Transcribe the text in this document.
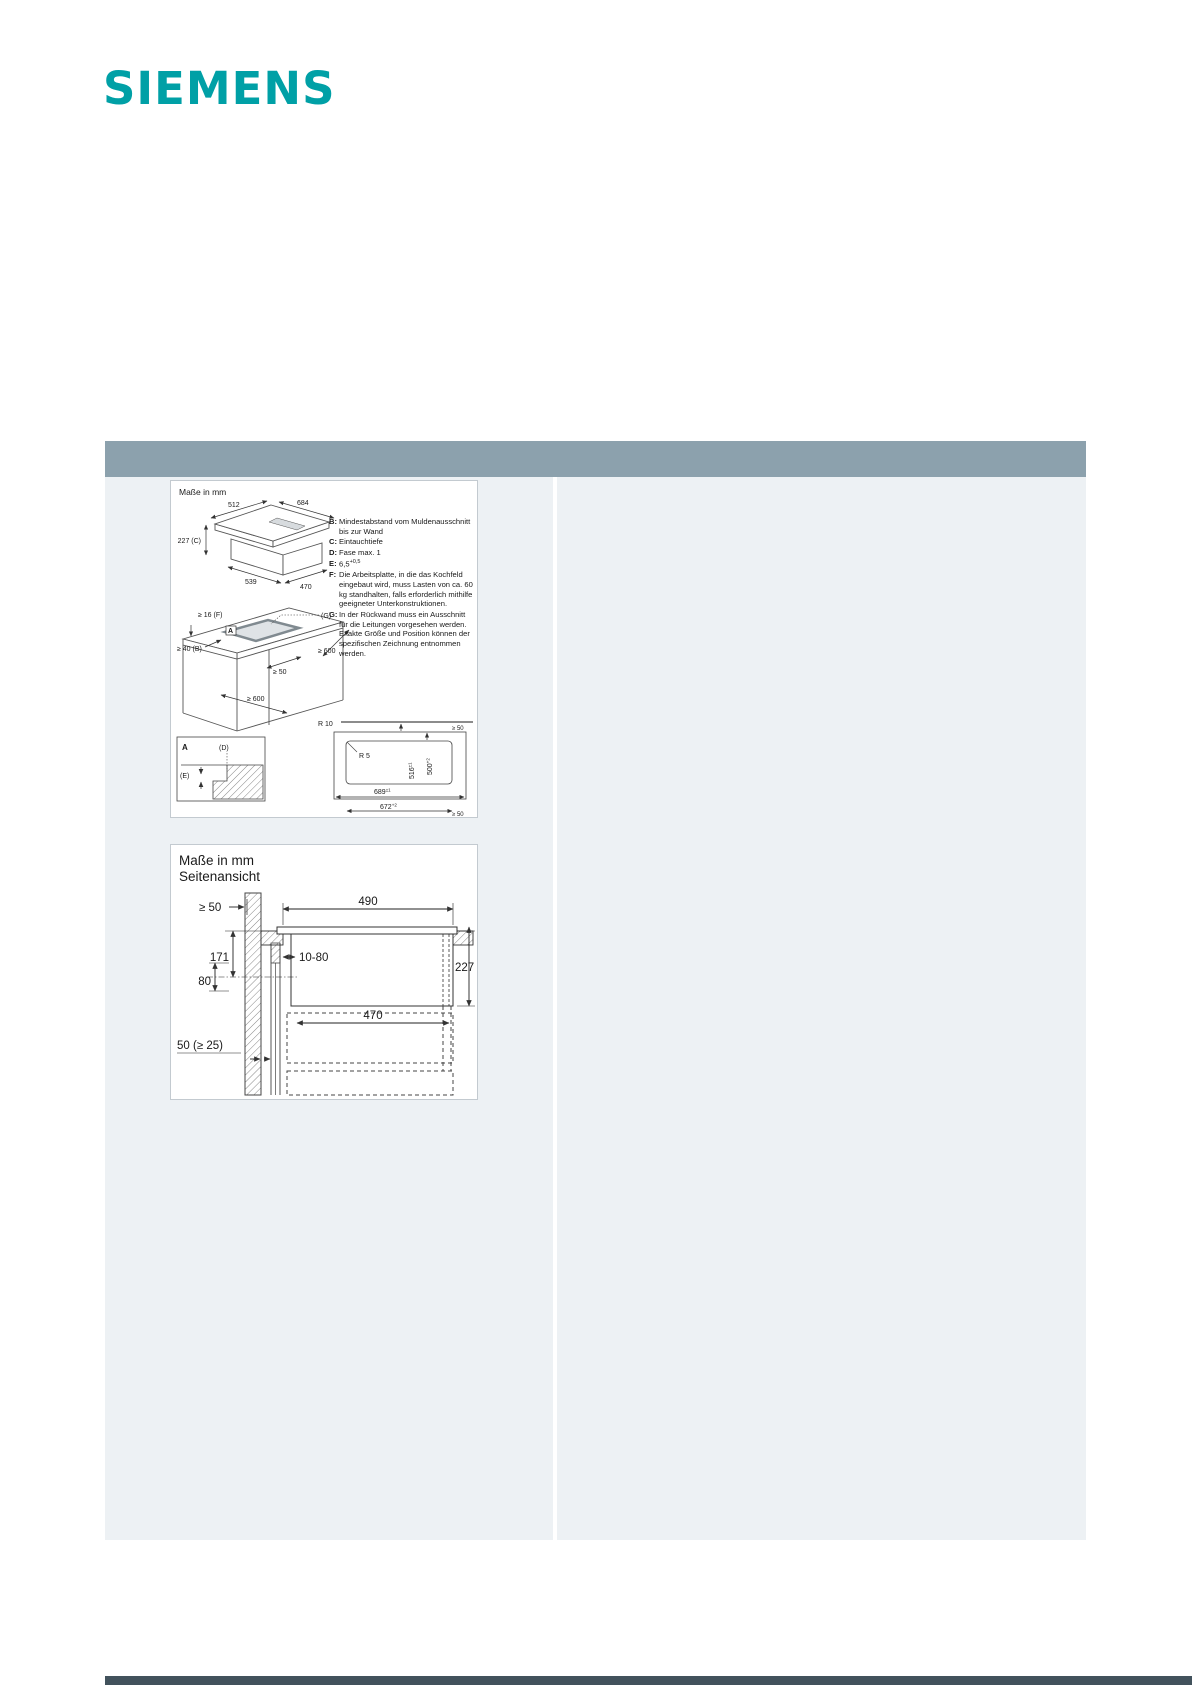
SIEMENS
Maße in mm
512	684
227 (C)
539
470
≥ 16 (F)
A
(G)
≥ 40 (B)
≥ 50
≥ 600
≥ 600
A	(D)
(E)
R 10
R 5
$516^{\pm 1}$	$500^{+2}$
$689^{\pm 1}$
$672^{+2}$
≥ 50
≥ 50
B: Mindestabstand vom Muldenausschnitt bis zur Wand
C: Eintauchtiefe
D: Fase max. 1
E: $6,5^{+0,5}$
F: Die Arbeitsplatte, in die das Kochfeld eingebaut wird, muss Lasten von ca. 60 kg standhalten, falls erforderlich mithilfe geeigneter Unterkonstruktionen.
G: In der Rückwand muss ein Ausschnitt für die Leitungen vorgesehen werden. Exakte Größe und Position können der spezifischen Zeichnung entnommen werden.
Maße in mm
Seitenansicht
≥ 50	490
171	10-80
227
80
470
50 (≥ 25)
